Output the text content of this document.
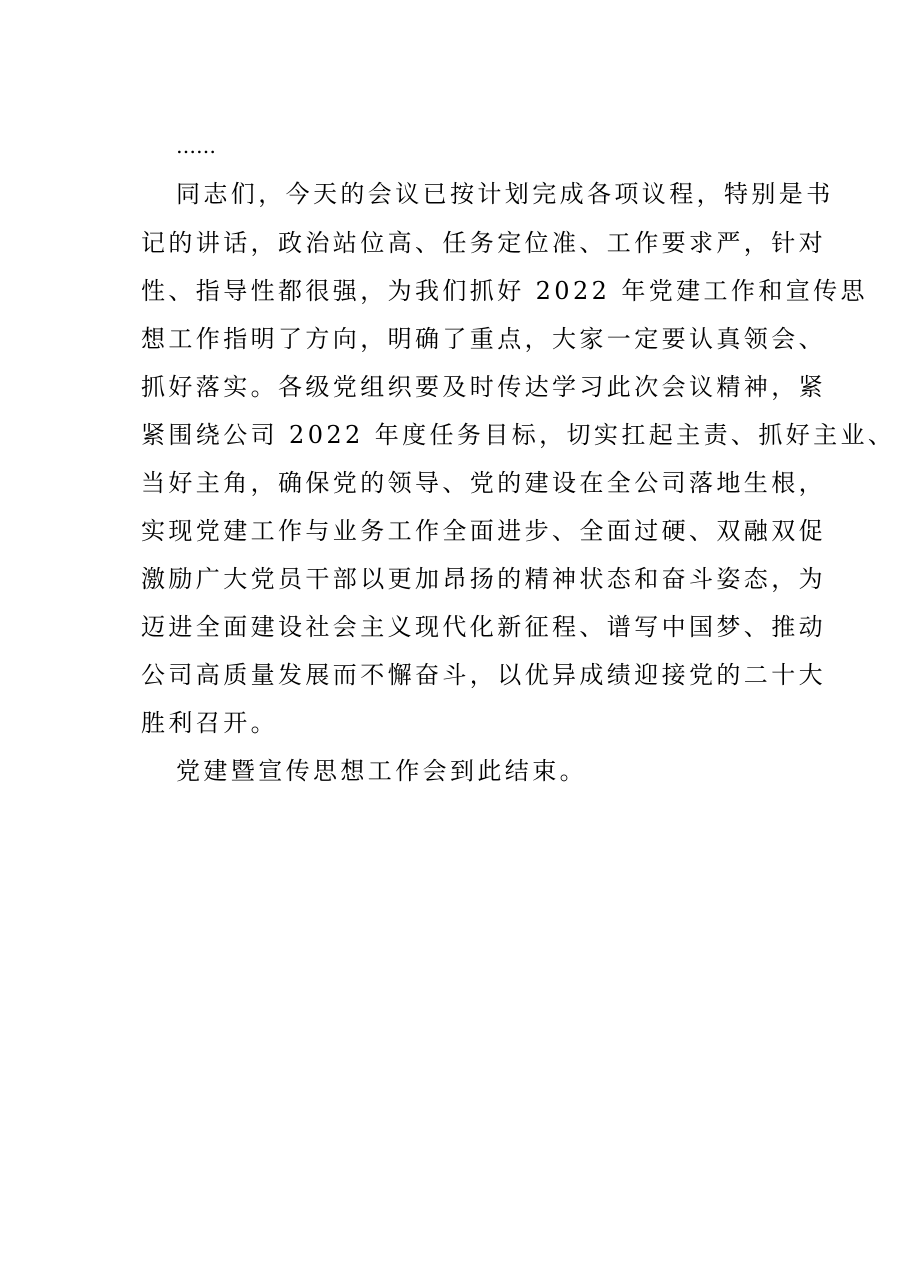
……
同志们，今天的会议已按计划完成各项议程，特别是书
记的讲话，政治站位高、任务定位准、工作要求严，针对
性、指导性都很强，为我们抓好 2022 年党建工作和宣传思
想工作指明了方向，明确了重点，大家一定要认真领会、
抓好落实。各级党组织要及时传达学习此次会议精神，紧
紧围绕公司 2022 年度任务目标，切实扛起主责、抓好主业、
当好主角，确保党的领导、党的建设在全公司落地生根，
实现党建工作与业务工作全面进步、全面过硬、双融双促
激励广大党员干部以更加昂扬的精神状态和奋斗姿态，为
迈进全面建设社会主义现代化新征程、谱写中国梦、推动
公司高质量发展而不懈奋斗，以优异成绩迎接党的二十大
胜利召开。
党建暨宣传思想工作会到此结束。
